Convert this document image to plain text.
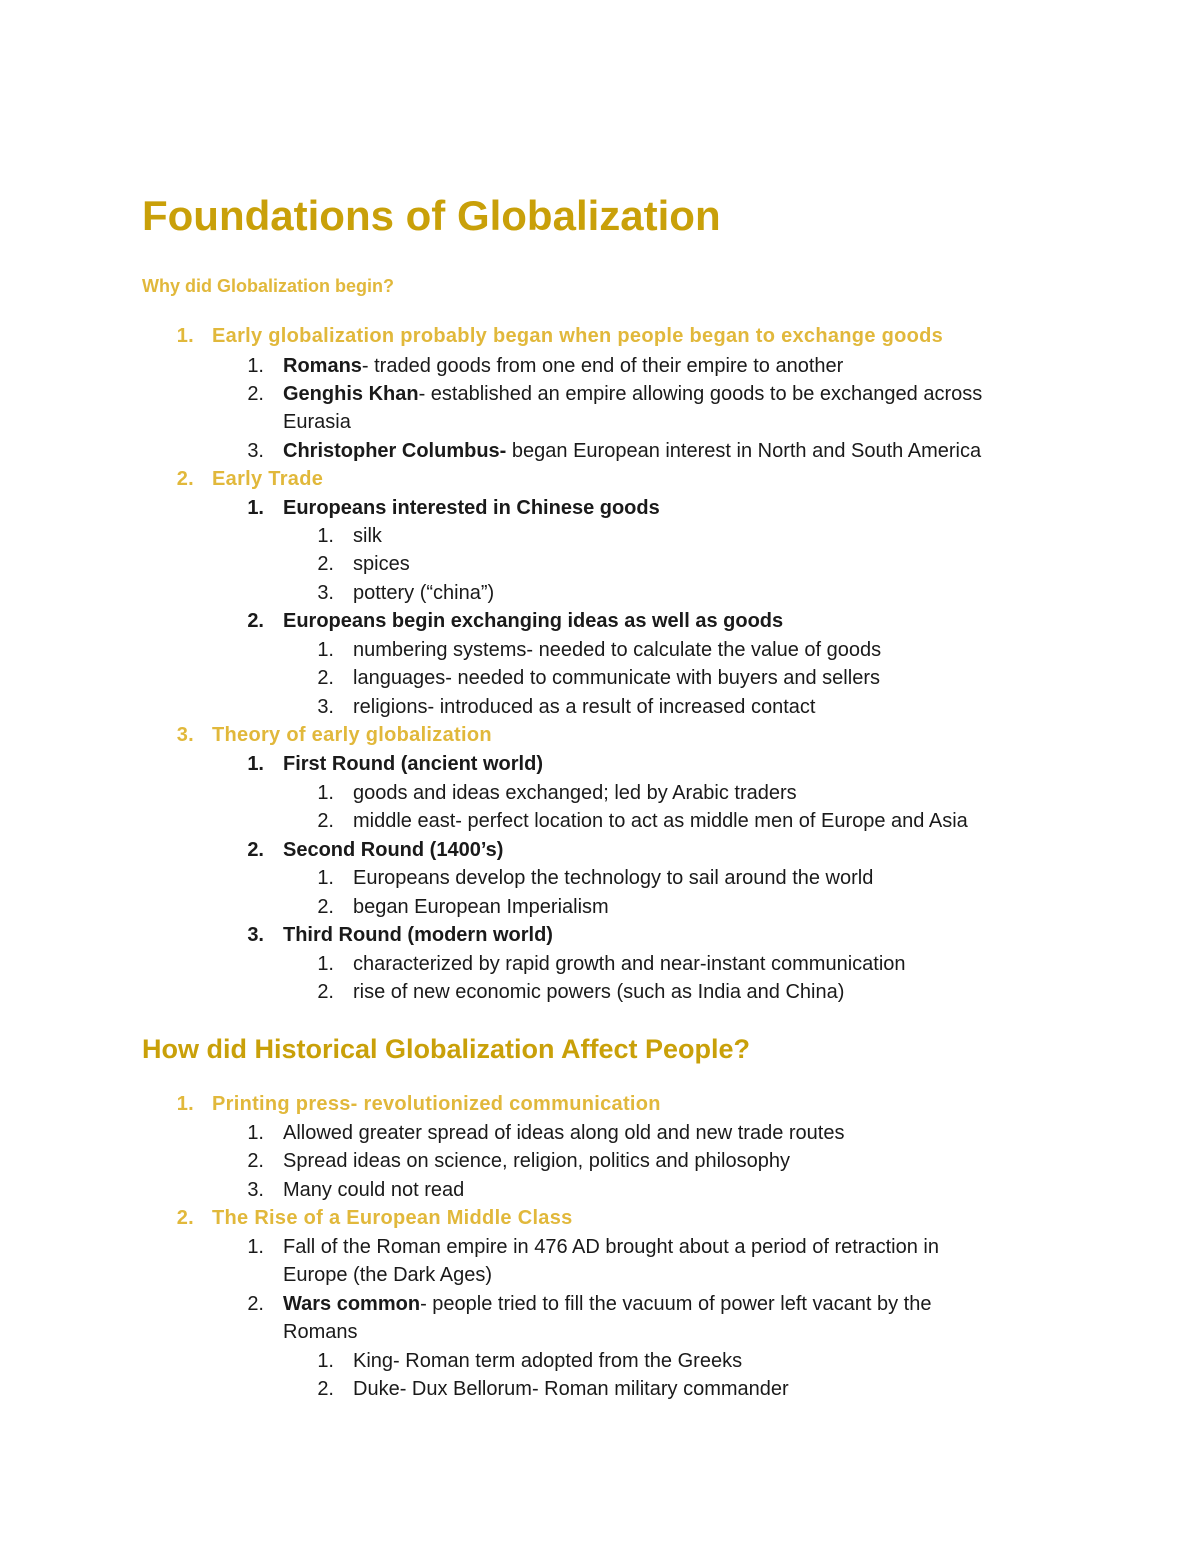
Foundations of Globalization
Why did Globalization begin?
1. Early globalization probably began when people began to exchange goods
1. Romans- traded goods from one end of their empire to another
2. Genghis Khan- established an empire allowing goods to be exchanged across
Eurasia
3. Christopher Columbus- began European interest in North and South America
2. Early Trade
1. Europeans interested in Chinese goods
1. silk
2. spices
3. pottery (“china”)
2. Europeans begin exchanging ideas as well as goods
1. numbering systems- needed to calculate the value of goods
2. languages- needed to communicate with buyers and sellers
3. religions- introduced as a result of increased contact
3. Theory of early globalization
1. First Round (ancient world)
1. goods and ideas exchanged; led by Arabic traders
2. middle east- perfect location to act as middle men of Europe and Asia
2. Second Round (1400’s)
1. Europeans develop the technology to sail around the world
2. began European Imperialism
3. Third Round (modern world)
1. characterized by rapid growth and near-instant communication
2. rise of new economic powers (such as India and China)
How did Historical Globalization Affect People?
1. Printing press- revolutionized communication
1. Allowed greater spread of ideas along old and new trade routes
2. Spread ideas on science, religion, politics and philosophy
3. Many could not read
2. The Rise of a European Middle Class
1. Fall of the Roman empire in 476 AD brought about a period of retraction in
Europe (the Dark Ages)
2. Wars common- people tried to fill the vacuum of power left vacant by the
Romans
1. King- Roman term adopted from the Greeks
2. Duke- Dux Bellorum- Roman military commander
